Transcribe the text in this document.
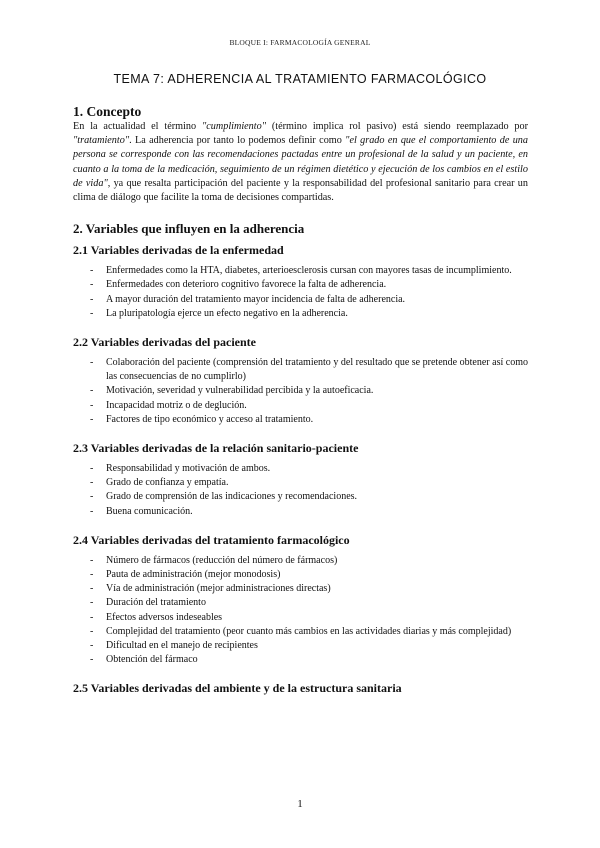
BLOQUE I: FARMACOLOGÍA GENERAL
TEMA 7: ADHERENCIA AL TRATAMIENTO FARMACOLÓGICO
1. Concepto

En la actualidad el término "cumplimiento" (término implica rol pasivo) está siendo reemplazado por "tratamiento". La adherencia por tanto lo podemos definir como "el grado en que el comportamiento de una persona se corresponde con las recomendaciones pactadas entre un profesional de la salud y un paciente, en cuanto a la toma de la medicación, seguimiento de un régimen dietético y ejecución de los cambios en el estilo de vida", ya que resalta participación del paciente y la responsabilidad del profesional sanitario para crear un clima de diálogo que facilite la toma de decisiones compartidas.

2. Variables que influyen en la adherencia
2.1 Variables derivadas de la enfermedad
- Enfermedades como la HTA, diabetes, arterioesclerosis cursan con mayores tasas de incumplimiento.
- Enfermedades con deterioro cognitivo favorece la falta de adherencia.
- A mayor duración del tratamiento mayor incidencia de falta de adherencia.
- La pluripatología ejerce un efecto negativo en la adherencia.
2.2 Variables derivadas del paciente
- Colaboración del paciente (comprensión del tratamiento y del resultado que se pretende obtener así como las consecuencias de no cumplirlo)
- Motivación, severidad y vulnerabilidad percibida y la autoeficacia.
- Incapacidad motriz o de deglución.
- Factores de tipo económico y acceso al tratamiento.
2.3 Variables derivadas de la relación sanitario-paciente
- Responsabilidad y motivación de ambos.
- Grado de confianza y empatía.
- Grado de comprensión de las indicaciones y recomendaciones.
- Buena comunicación.
2.4 Variables derivadas del tratamiento farmacológico
- Número de fármacos (reducción del número de fármacos)
- Pauta de administración (mejor monodosis)
- Vía de administración (mejor administraciones directas)
- Duración del tratamiento
- Efectos adversos indeseables
- Complejidad del tratamiento (peor cuanto más cambios en las actividades diarias y más complejidad)
- Dificultad en el manejo de recipientes
- Obtención del fármaco
2.5 Variables derivadas del ambiente y de la estructura sanitaria
1
